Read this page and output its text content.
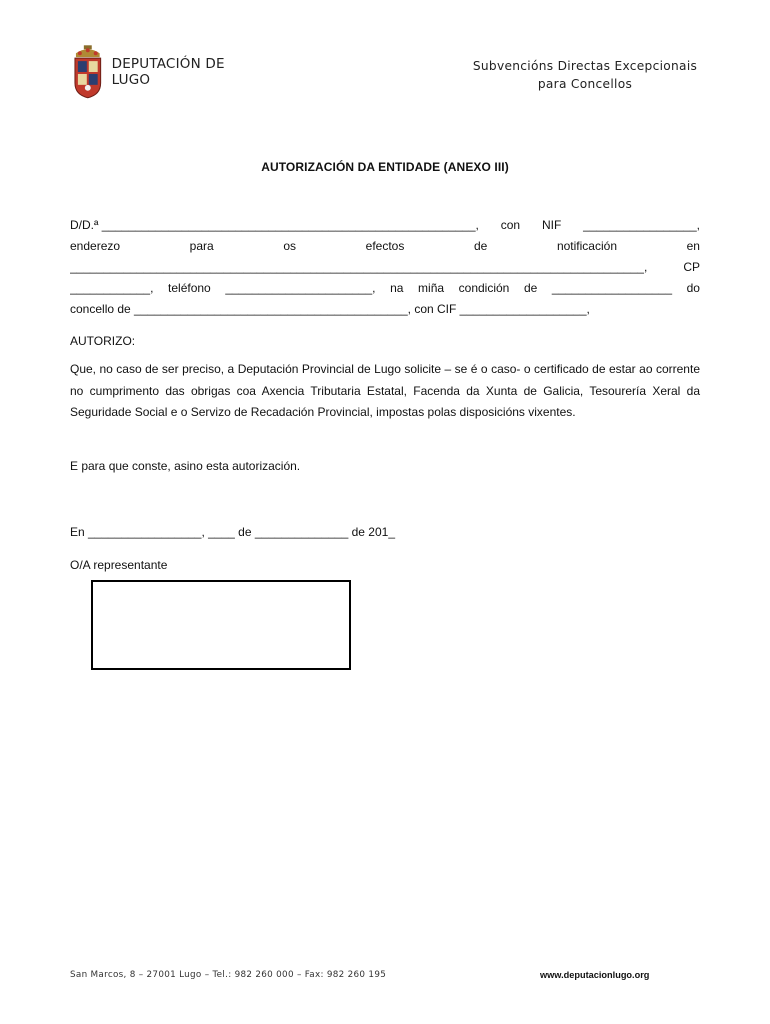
DEPUTACIÓN DE LUGO
Subvencións Directas Excepcionais
para Concellos
AUTORIZACIÓN DA ENTIDADE (ANEXO III)
D/D.ª ________________________________________________________, con NIF _________________,
enderezo	para	os	efectos	de	notificación	en
______________________________________________________________________________________,	CP
____________, teléfono ______________________, na miña condición de __________________ do
concello de _________________________________________, con CIF ___________________,
AUTORIZO:
Que, no caso de ser preciso, a Deputación Provincial de Lugo solicite – se é o caso- o certificado de estar ao corrente no cumprimento das obrigas coa Axencia Tributaria Estatal, Facenda da Xunta de Galicia, Tesourería Xeral da Seguridade Social e o Servizo de Recadación Provincial, impostas polas disposicións vixentes.
E para que conste, asino esta autorización.
En _________________, ____ de ______________ de 201_
O/A representante
San Marcos, 8 – 27001 Lugo – Tel.: 982 260 000 – Fax: 982 260 195	www.deputacionlugo.org
